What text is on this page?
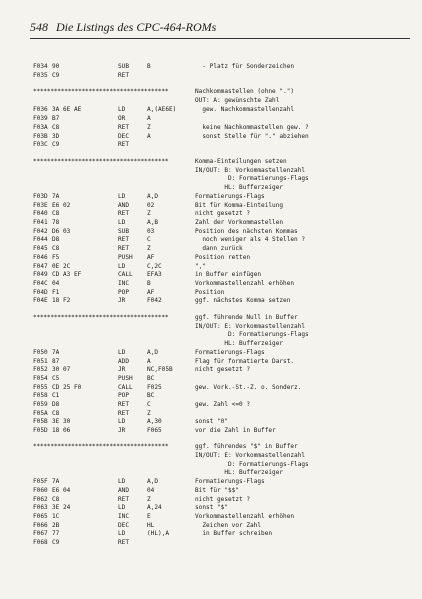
548 Die Listings des CPC-464-ROMs
F034 90	SUB	B	- Platz für Sonderzeichen
F035 C9	RET
***************************************	Nachkommastellen (ohne ".")
OUT: A: gewünschte Zahl
F036 3A 6E AE	LD	A,(AE6E)	gew. Nachkommastellenzahl
F039 B7	OR	A
F03A C8	RET	Z	keine Nachkommastellen gew. ?
F03B 3D	DEC	A	sonst Stelle für "." abziehen
F03C C9	RET
***************************************	Komma-Einteilungen setzen
IN/OUT: B: Vorkommastellenzahl
D: Formatierungs-Flags
HL: Bufferzeiger
F03D 7A	LD	A,D	Formatierungs-Flags
F03E E6 02	AND	02	Bit für Komma-Einteilung
F040 C8	RET	Z	nicht gesetzt ?
F041 78	LD	A,B	Zahl der Vorkommastellen
F042 D6 03	SUB	03	Position des nächsten Kommas
F044 D8	RET	C	noch weniger als 4 Stellen ?
F045 C8	RET	Z	dann zurück
F046 F5	PUSH AF	Position retten
F047 0E 2C	LD	C,2C	","
F049 CD A3 EF	CALL EFA3	in Buffer einfügen
F04C 04	INC	B	Vorkommastellenzahl erhöhen
F04D F1	POP	AF	Position
F04E 18 F2	JR	F042	ggf. nächstes Komma setzen
***************************************	ggf. führende Null in Buffer
IN/OUT: E: Vorkommastellenzahl
D: Formatierungs-Flags
HL: Bufferzeiger
F050 7A	LD	A,D	Formatierungs-Flags
F051 87	ADD	A	Flag für formatierte Darst.
F052 30 07	JR	NC,F05B	nicht gesetzt ?
F054 C5	PUSH BC
F055 CD 25 F0	CALL F025	gew. Vork.-St.-Z. o. Sonderz.
F058 C1	POP	BC
F059 D8	RET	C	gew. Zahl <=0 ?
F05A C8	RET	Z
F05B 3E 30	LD	A,30	sonst "0"
F05D 18 06	JR	F065	vor die Zahl in Buffer
***************************************	ggf. führendes "$" in Buffer
IN/OUT: E: Vorkommastellenzahl
D: Formatierungs-Flags
HL: Bufferzeiger
F05F 7A	LD	A,D	Formatierungs-Flags
F060 E6 04	AND	04	Bit für "$$"
F062 C8	RET	Z	nicht gesetzt ?
F063 3E 24	LD	A,24	sonst "$"
F065 1C	INC	E	Vorkommastellenzahl erhöhen
F066 2B	DEC	HL	Zeichen vor Zahl
F067 77	LD	(HL),A	in Buffer schreiben
F068 C9	RET
